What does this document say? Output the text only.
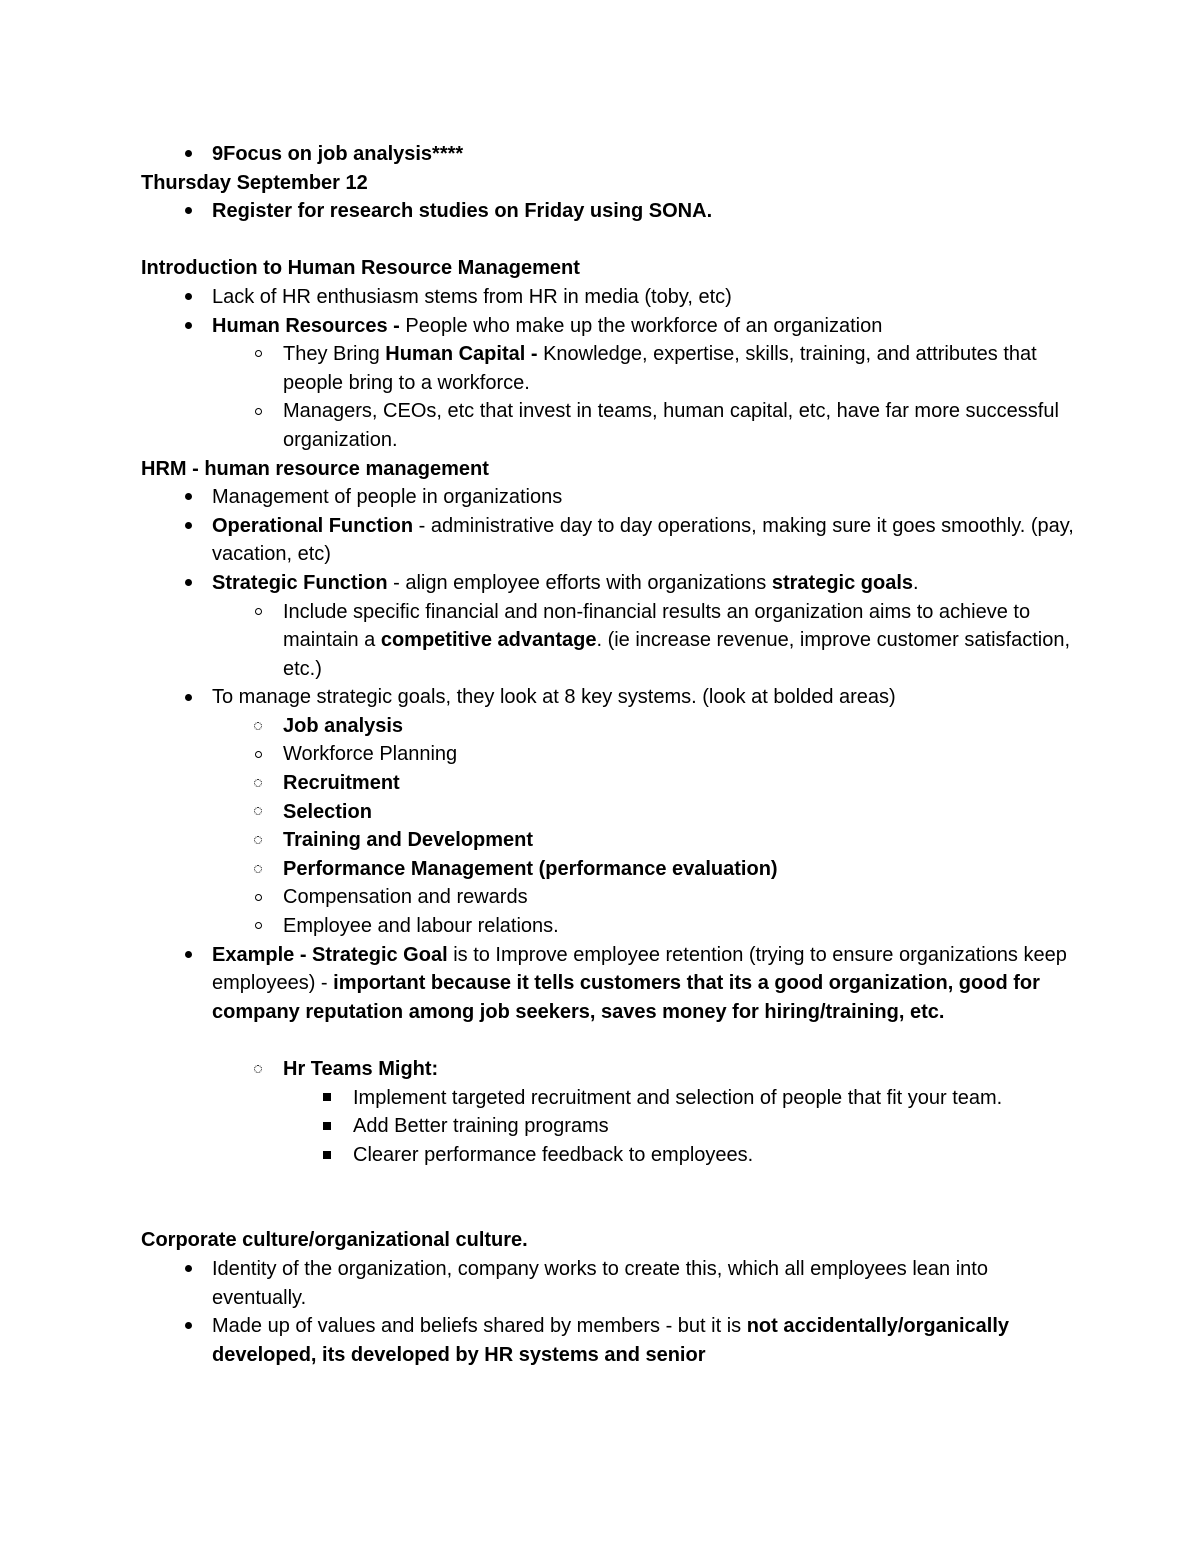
9Focus on job analysis****
Thursday September 12
Register for research studies on Friday using SONA.
Introduction to Human Resource Management
Lack of HR enthusiasm stems from HR in media (toby, etc)
Human Resources - People who make up the workforce of an organization
They Bring Human Capital - Knowledge, expertise, skills, training, and attributes that people bring to a workforce.
Managers, CEOs, etc that invest in teams, human capital, etc, have far more successful organization.
HRM - human resource management
Management of people in organizations
Operational Function - administrative day to day operations, making sure it goes smoothly. (pay, vacation, etc)
Strategic Function - align employee efforts with organizations strategic goals.
Include specific financial and non-financial results an organization aims to achieve to maintain a competitive advantage. (ie increase revenue, improve customer satisfaction, etc.)
To manage strategic goals, they look at 8 key systems. (look at bolded areas)
Job analysis
Workforce Planning
Recruitment
Selection
Training and Development
Performance Management (performance evaluation)
Compensation and rewards
Employee and labour relations.
Example - Strategic Goal is to Improve employee retention (trying to ensure organizations keep employees) - important because it tells customers that its a good organization, good for company reputation among job seekers, saves money for hiring/training, etc.
Hr Teams Might:
Implement targeted recruitment and selection of people that fit your team.
Add Better training programs
Clearer performance feedback to employees.
Corporate culture/organizational culture.
Identity of the organization, company works to create this, which all employees lean into eventually.
Made up of values and beliefs shared by members - but it is not accidentally/organically developed, its developed by HR systems and senior
